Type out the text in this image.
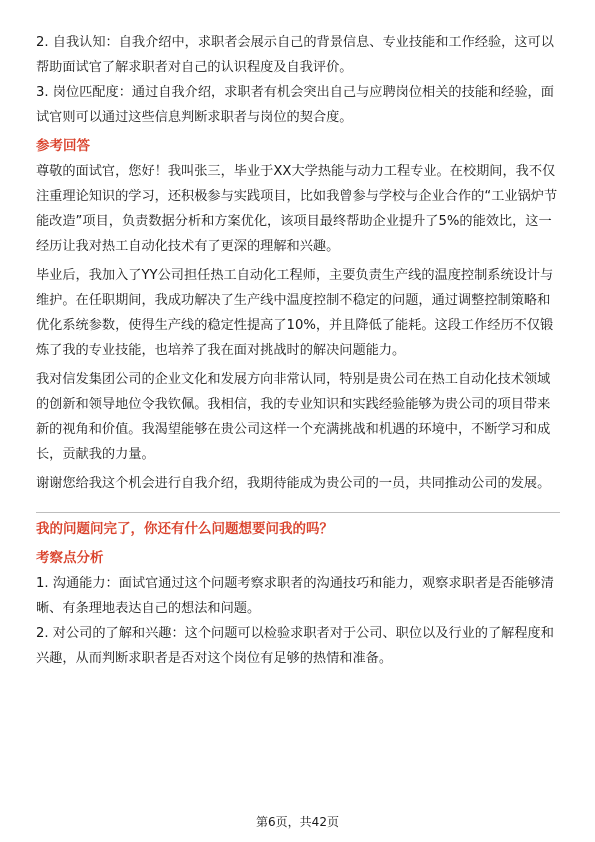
2. 自我认知：自我介绍中，求职者会展示自己的背景信息、专业技能和工作经验，这可以帮助面试官了解求职者对自己的认识程度及自我评价。

3. 岗位匹配度：通过自我介绍，求职者有机会突出自己与应聘岗位相关的技能和经验，面试官则可以通过这些信息判断求职者与岗位的契合度。

参考回答

尊敬的面试官，您好！我叫张三，毕业于XX大学热能与动力工程专业。在校期间，我不仅注重理论知识的学习，还积极参与实践项目，比如我曾参与学校与企业合作的“工业锅炉节能改造”项目，负责数据分析和方案优化，该项目最终帮助企业提升了5%的能效比，这一经历让我对热工自动化技术有了更深的理解和兴趣。

毕业后，我加入了YY公司担任热工自动化工程师，主要负责生产线的温度控制系统设计与维护。在任职期间，我成功解决了生产线中温度控制不稳定的问题，通过调整控制策略和优化系统参数，使得生产线的稳定性提高了10%，并且降低了能耗。这段工作经历不仅锻炼了我的专业技能，也培养了我在面对挑战时的解决问题能力。

我对信发集团公司的企业文化和发展方向非常认同，特别是贵公司在热工自动化技术领域的创新和领导地位令我钦佩。我相信，我的专业知识和实践经验能够为贵公司的项目带来新的视角和价值。我渴望能够在贵公司这样一个充满挑战和机遇的环境中，不断学习和成长，贡献我的力量。

谢谢您给我这个机会进行自我介绍，我期待能成为贵公司的一员，共同推动公司的发展。

我的问题问完了，你还有什么问题想要问我的吗？

考察点分析

1. 沟通能力：面试官通过这个问题考察求职者的沟通技巧和能力，观察求职者是否能够清晰、有条理地表达自己的想法和问题。

2. 对公司的了解和兴趣：这个问题可以检验求职者对于公司、职位以及行业的了解程度和兴趣，从而判断求职者是否对这个岗位有足够的热情和准备。

第6页，共42页
